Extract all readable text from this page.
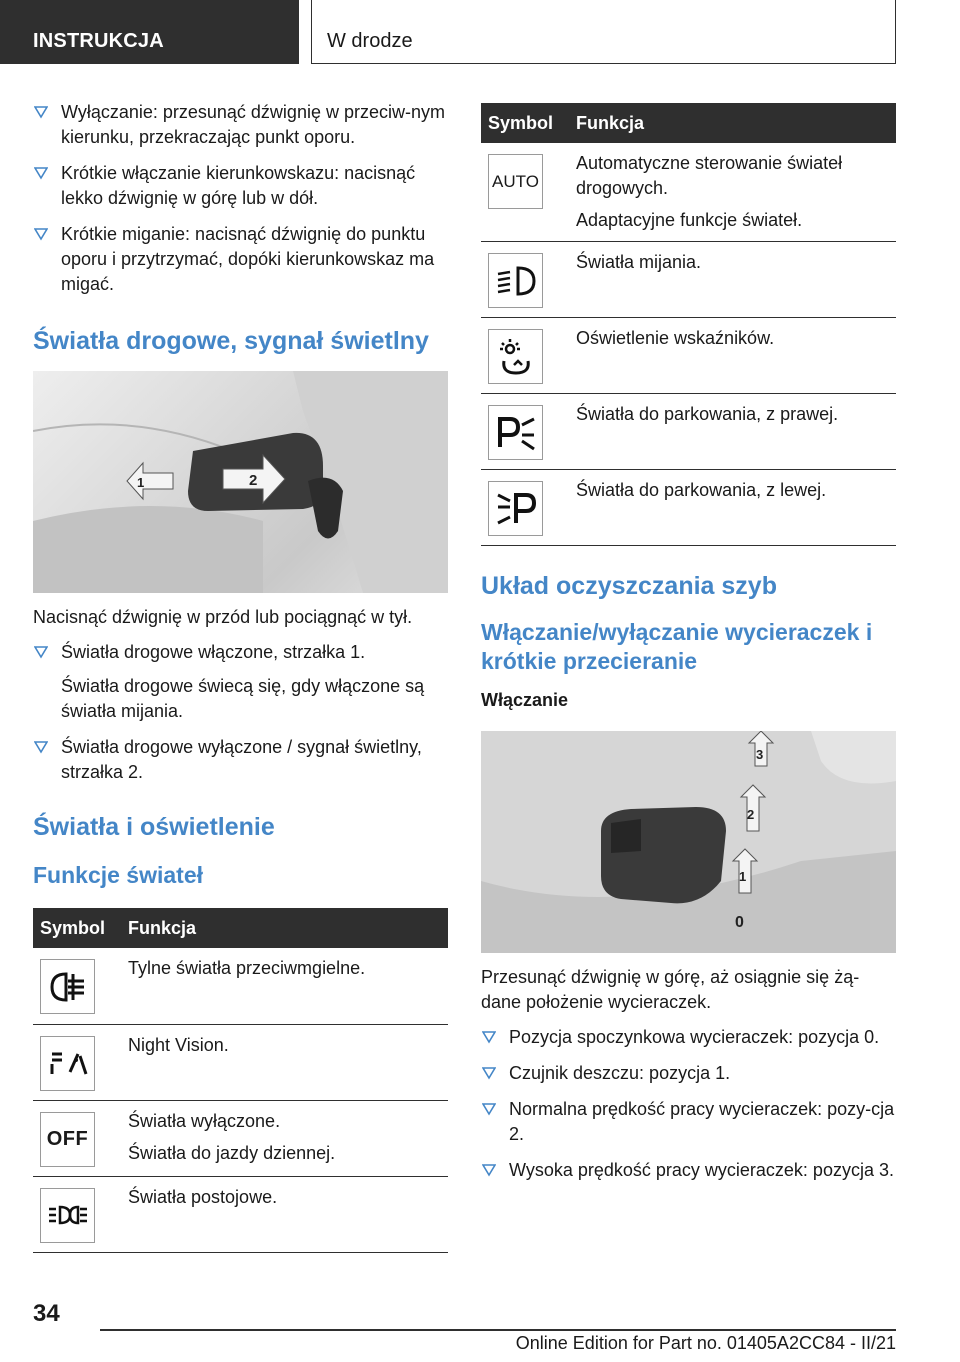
INSTRUKCJA	W drodze
Wyłączanie: przesunąć dźwignię w przeciw‐nym kierunku, przekraczając punkt oporu.
Krótkie włączanie kierunkowskazu: nacisnąć lekko dźwignię w górę lub w dół.
Krótkie miganie: nacisnąć dźwignię do punktu oporu i przytrzymać, dopóki kierunkowskaz ma migać.
Światła drogowe, sygnał świetlny
1	2

Nacisnąć dźwignię w przód lub pociągnąć w tył.

Światła drogowe włączone, strzałka 1.
Światła drogowe świecą się, gdy włączone są światła mijania.
Światła drogowe wyłączone / sygnał świetlny, strzałka 2.
Światła i oświetlenie
Funkcje świateł
Symbol	Funkcja

	Tylne światła przeciwmgielne.

	Night Vision.

OFF	Światła wyłączone.
Światła do jazdy dziennej.

	Światła postojowe.
Symbol	Funkcja

AUTO	Automatyczne sterowanie świateł drogowych.
Adaptacyjne funkcje świateł.

	Światła mijania.

	Oświetlenie wskaźników.

	Światła do parkowania, z prawej.

	Światła do parkowania, z lewej.
Układ oczyszczania szyb
Włączanie/wyłączanie wycieraczek i krótkie przecieranie
Włączanie
3
2
1
0

Przesunąć dźwignię w górę, aż osiągnie się żą‐dane położenie wycieraczek.

Pozycja spoczynkowa wycieraczek: pozycja 0.
Czujnik deszczu: pozycja 1.
Normalna prędkość pracy wycieraczek: pozy‐cja 2.
Wysoka prędkość pracy wycieraczek: pozycja 3.
34
Online Edition for Part no. 01405A2CC84 - II/21
